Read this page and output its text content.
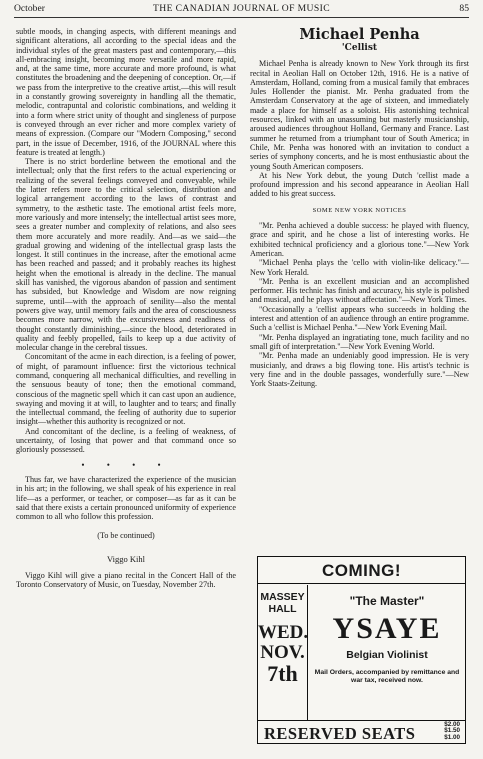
October	THE CANADIAN JOURNAL OF MUSIC	85

subtle moods, in changing aspects, with different meanings and significant alterations, all according to the special ideas and the individual styles of the great masters past and contemporary,—this all-embracing insight, becoming more versatile and more rapid, and, at the same time, more accurate and more profound, is what constitutes the broadening and the deepening of conception. Or,—if we pass from the interpretive to the creative artist,—this will result in a constantly growing sovereignty in handling all the thematic, melodic, contrapuntal and coloristic combinations, and welding it into a form where strict unity of thought and singleness of purpose is conveyed through an ever richer and more complex variety of means of expression. (Compare our "Modern Composing," second part, in the issue of December, 1916, of the JOURNAL where this feature is treated at length.)

There is no strict borderline between the emotional and the intellectual; only that the first refers to the actual experiencing or realizing of the several feelings conveyed and conveyable, while the latter refers more to the critical selection, distribution and logical arrangement according to the laws of contrast and symmetry, to the æsthetic taste. The emotional artist feels more, more variously and more intensely; the intellectual artist sees more, sees a greater number and complexity of relations, and also sees them more accurately and more readily. And—as we said—the gradual growing and widening of the intellectual grasp lasts the longest. It still continues in the increase, after the emotional acme has been reached and passed; and it probably reaches its highest height when the emotional is already in the decline. The manual skill has vanished, the vigorous abandon of passion and sentiment has subsided, but Knowledge and Wisdom are now reigning supreme, until—with the approach of senility—also the mental powers give way, until memory fails and the area of consciousness becomes more narrow, with the excursiveness and readiness of thought constantly diminishing,—since the blood, deteriorated in quality and feebly propelled, fails to keep up a due activity of molecular change in the cerebral tissues.

Concomitant of the acme in each direction, is a feeling of power, of might, of paramount influence: first the victorious technical command, conquering all mechanical difficulties, and revelling in the sensuous beauty of tone; then the emotional command, conscious of the magnetic spell which it can cast upon an audience, swaying and moving it at will, to laughter and to tears; and finally the intellectual command, the feeling of authority due to superior insight—whether this authority is recognized or not.

And concomitant of the decline, is a feeling of weakness, of uncertainty, of losing that power and that command once so gloriously possessed.

• • • •

Thus far, we have characterized the experience of the musician in his art; in the following, we shall speak of his experience in real life—as a performer, or teacher, or composer—as far as it can be said that there exists a certain pronounced uniformity of experience common to all who follow this profession.

(To be continued)
Viggo Kihl

Viggo Kihl will give a piano recital in the Concert Hall of the Toronto Conservatory of Music, on Tuesday, November 27th.

Michael Penha
'Cellist

Michael Penha is already known to New York through its first recital in Aeolian Hall on October 12th, 1916. He is a native of Amsterdam, Holland, coming from a musical family that embraces Jules Hollender the pianist. Mr. Penha graduated from the Amsterdam Conservatory at the age of sixteen, and immediately made a place for himself as a soloist. His astonishing technical resources, linked with an unassuming but masterly musicianship, aroused audiences throughout Holland, Germany and France. Last summer he returned from a triumphant tour of South America; in Chile, Mr. Penha was honored with an invitation to conduct a series of symphony concerts, and he is most enthusiastic about the young South American composers.

At his New York debut, the young Dutch 'cellist made a profound impression and his second appearance in Aeolian Hall added to his great success.

SOME NEW YORK NOTICES

"Mr. Penha achieved a double success: he played with fluency, grace and spirit, and he chose a list of interesting works. He exhibited technical proficiency and a glorious tone."—New York American.

"Michael Penha plays the 'cello with violin-like delicacy."—New York Herald.

"Mr. Penha is an excellent musician and an accomplished performer. His technic has finish and accuracy, his style is polished and musical, and he plays without affectation."—New York Times.

"Occasionally a 'cellist appears who succeeds in holding the interest and attention of an audience through an entire programme. Such a 'cellist is Michael Penha."—New York Evening Mail.

"Mr. Penha displayed an ingratiating tone, much facility and no small gift of interpretation."—New York Evening World.

"Mr. Penha made an undeniably good impression. He is very musicianly, and draws a big flowing tone. His artist's technic is very fine and in the double passages, wonderfully sure."—New York Staats-Zeitung.

COMING!
MASSEY
HALL
WED.
NOV.
7th
"The Master"
YSAYE
Belgian Violinist
Mail Orders, accompanied by remittance and war tax, received now.
RESERVED SEATS	$2.00
$1.50
$1.00
